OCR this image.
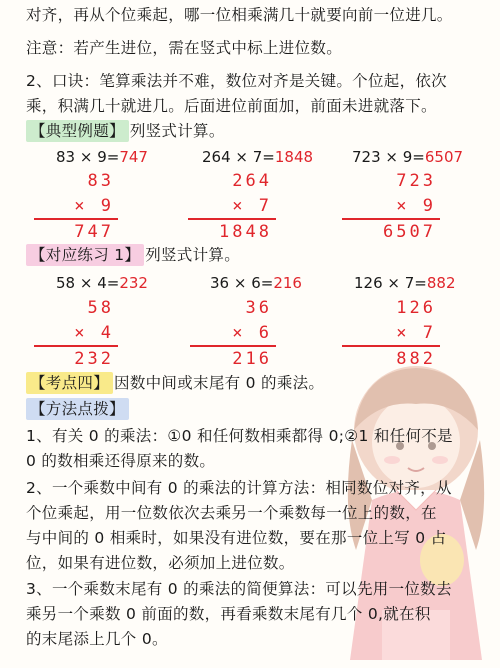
对齐，再从个位乘起，哪一位相乘满几十就要向前一位进几。
注意：若产生进位，需在竖式中标上进位数。
2、口诀：笔算乘法并不难，数位对齐是关键。个位起，依次
乘，积满几十就进几。后面进位前面加，前面未进就落下。
【典型例题】 列竖式计算。
83 × 9=747	264 × 7=1848	723 × 9=6507
83
× 9
747
264
× 7
1848
723
× 9
6507
【对应练习 1】 列竖式计算。
58 × 4=232	36 × 6=216	126 × 7=882
58
× 4
232
36
× 6
216
126
× 7
882
【考点四】 因数中间或末尾有 0 的乘法。
【方法点拨】
1、有关 0 的乘法：①0 和任何数相乘都得 0;②1 和任何不是
0 的数相乘还得原来的数。
2、一个乘数中间有 0 的乘法的计算方法：相同数位对齐，从
个位乘起，用一位数依次去乘另一个乘数每一位上的数，在
与中间的 0 相乘时，如果没有进位数，要在那一位上写 0 占
位，如果有进位数，必须加上进位数。
3、一个乘数末尾有 0 的乘法的简便算法：可以先用一位数去
乘另一个乘数 0 前面的数，再看乘数末尾有几个 0,就在积
的末尾添上几个 0。
